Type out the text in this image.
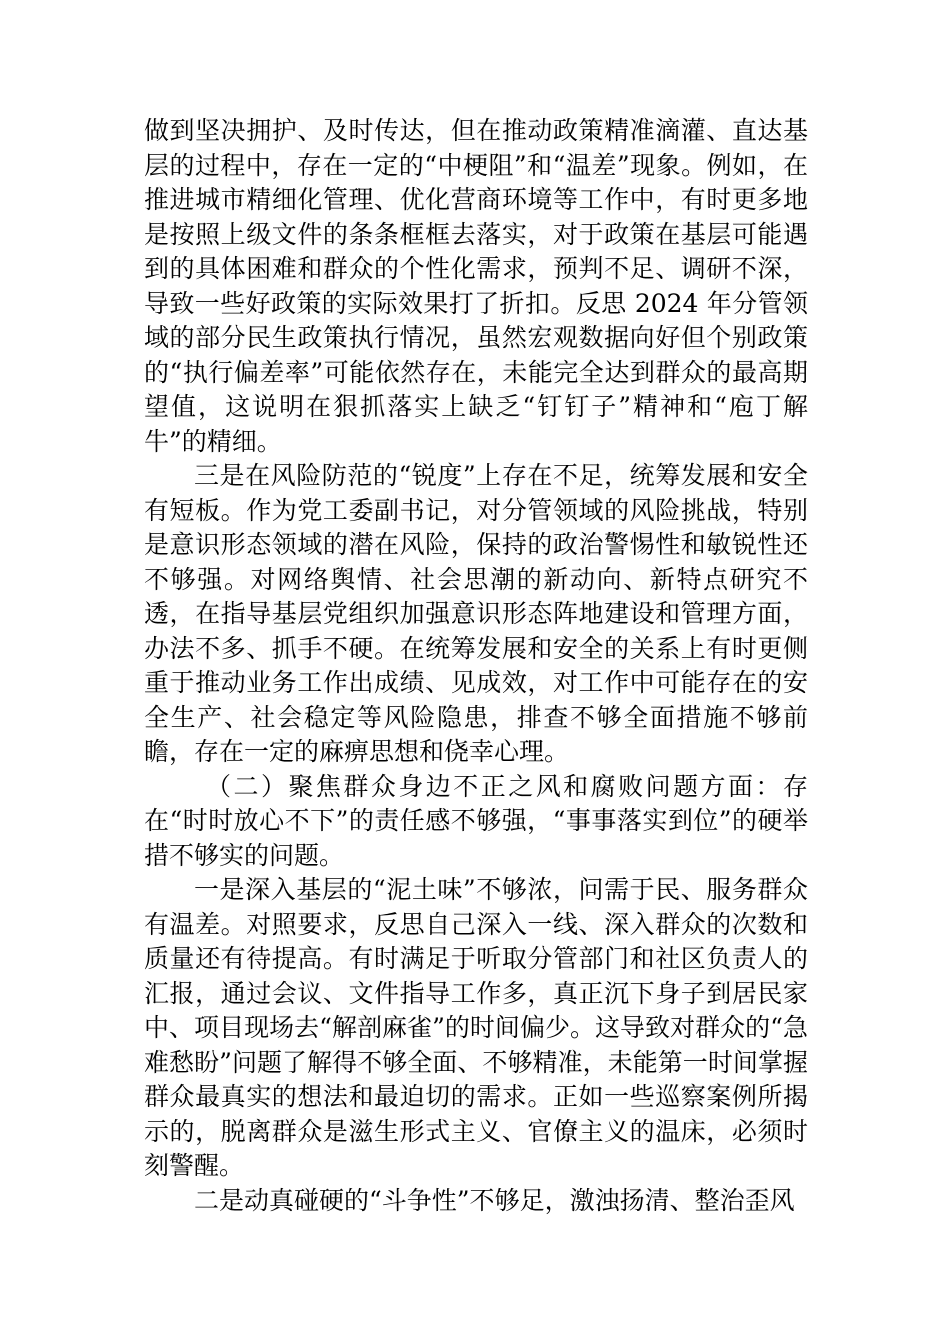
做到坚决拥护、及时传达，但在推动政策精准滴灌、直达基层的过程中，存在一定的“中梗阻”和“温差”现象。例如，在推进城市精细化管理、优化营商环境等工作中，有时更多地是按照上级文件的条条框框去落实，对于政策在基层可能遇到的具体困难和群众的个性化需求，预判不足、调研不深，导致一些好政策的实际效果打了折扣。反思 2024 年分管领域的部分民生政策执行情况，虽然宏观数据向好但个别政策的“执行偏差率”可能依然存在，未能完全达到群众的最高期望值，这说明在狠抓落实上缺乏“钉钉子”精神和“庖丁解牛”的精细。

三是在风险防范的“锐度”上存在不足，统筹发展和安全有短板。作为党工委副书记，对分管领域的风险挑战，特别是意识形态领域的潜在风险，保持的政治警惕性和敏锐性还不够强。对网络舆情、社会思潮的新动向、新特点研究不透，在指导基层党组织加强意识形态阵地建设和管理方面，办法不多、抓手不硬。在统筹发展和安全的关系上有时更侧重于推动业务工作出成绩、见成效，对工作中可能存在的安全生产、社会稳定等风险隐患，排查不够全面措施不够前瞻，存在一定的麻痹思想和侥幸心理。

（二）聚焦群众身边不正之风和腐败问题方面：存在“时时放心不下”的责任感不够强，“事事落实到位”的硬举措不够实的问题。

一是深入基层的“泥土味”不够浓，问需于民、服务群众有温差。对照要求，反思自己深入一线、深入群众的次数和质量还有待提高。有时满足于听取分管部门和社区负责人的汇报，通过会议、文件指导工作多，真正沉下身子到居民家中、项目现场去“解剖麻雀”的时间偏少。这导致对群众的“急难愁盼”问题了解得不够全面、不够精准，未能第一时间掌握群众最真实的想法和最迫切的需求。正如一些巡察案例所揭示的，脱离群众是滋生形式主义、官僚主义的温床，必须时刻警醒。

二是动真碰硬的“斗争性”不够足，激浊扬清、整治歪风
